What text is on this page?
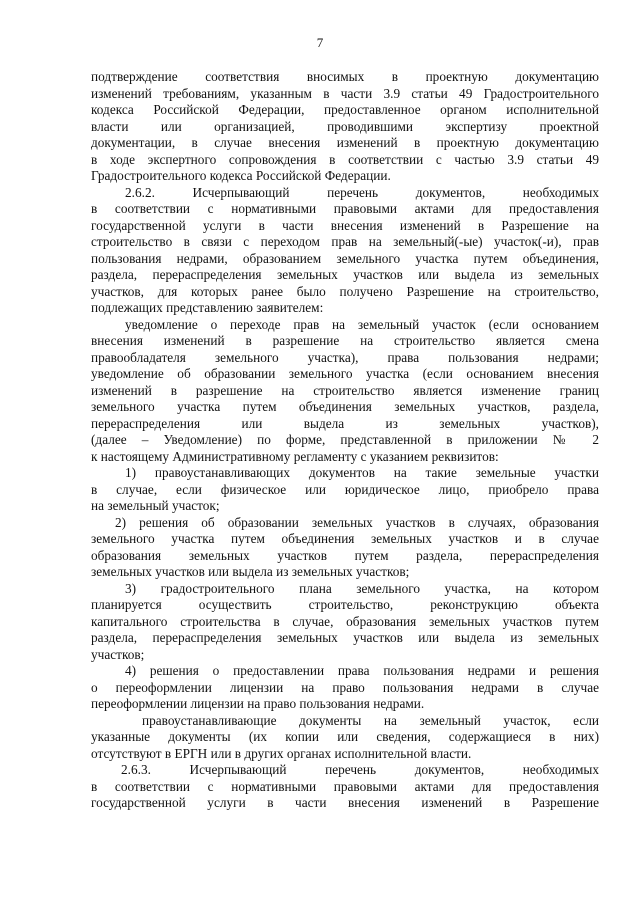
7
подтверждение соответствия вносимых в проектную документацию
изменений требованиям, указанным в части 3.9 статьи 49 Градостроительного
кодекса Российской Федерации, предоставленное органом исполнительной
власти или организацией, проводившими экспертизу проектной
документации, в случае внесения изменений в проектную документацию
в ходе экспертного сопровождения в соответствии с частью 3.9 статьи 49
Градостроительного кодекса Российской Федерации.
2.6.2. Исчерпывающий перечень документов, необходимых
в соответствии с нормативными правовыми актами для предоставления
государственной услуги в части внесения изменений в Разрешение на
строительство в связи с переходом прав на земельный(-ые) участок(-и), прав
пользования недрами, образованием земельного участка путем объединения,
раздела, перераспределения земельных участков или выдела из земельных
участков, для которых ранее было получено Разрешение на строительство,
подлежащих представлению заявителем:
уведомление о переходе прав на земельный участок (если основанием
внесения изменений в разрешение на строительство является смена
правообладателя земельного участка), права пользования недрами;
уведомление об образовании земельного участка (если основанием внесения
изменений в разрешение на строительство является изменение границ
земельного участка путем объединения земельных участков, раздела,
перераспределения или выдела из земельных участков),
(далее – Уведомление) по форме, представленной в приложении № 2
к настоящему Административному регламенту с указанием реквизитов:
1) правоустанавливающих документов на такие земельные участки
в случае, если физическое или юридическое лицо, приобрело права
на земельный участок;
2) решения об образовании земельных участков в случаях, образования
земельного участка путем объединения земельных участков и в случае
образования земельных участков путем раздела, перераспределения
земельных участков или выдела из земельных участков;
3) градостроительного плана земельного участка, на котором
планируется осуществить строительство, реконструкцию объекта
капитального строительства в случае, образования земельных участков путем
раздела, перераспределения земельных участков или выдела из земельных
участков;
4) решения о предоставлении права пользования недрами и решения
о переоформлении лицензии на право пользования недрами в случае
переоформлении лицензии на право пользования недрами.
правоустанавливающие документы на земельный участок, если
указанные документы (их копии или сведения, содержащиеся в них)
отсутствуют в ЕРГН или в других органах исполнительной власти.
2.6.3. Исчерпывающий перечень документов, необходимых
в соответствии с нормативными правовыми актами для предоставления
государственной услуги в части внесения изменений в Разрешение
